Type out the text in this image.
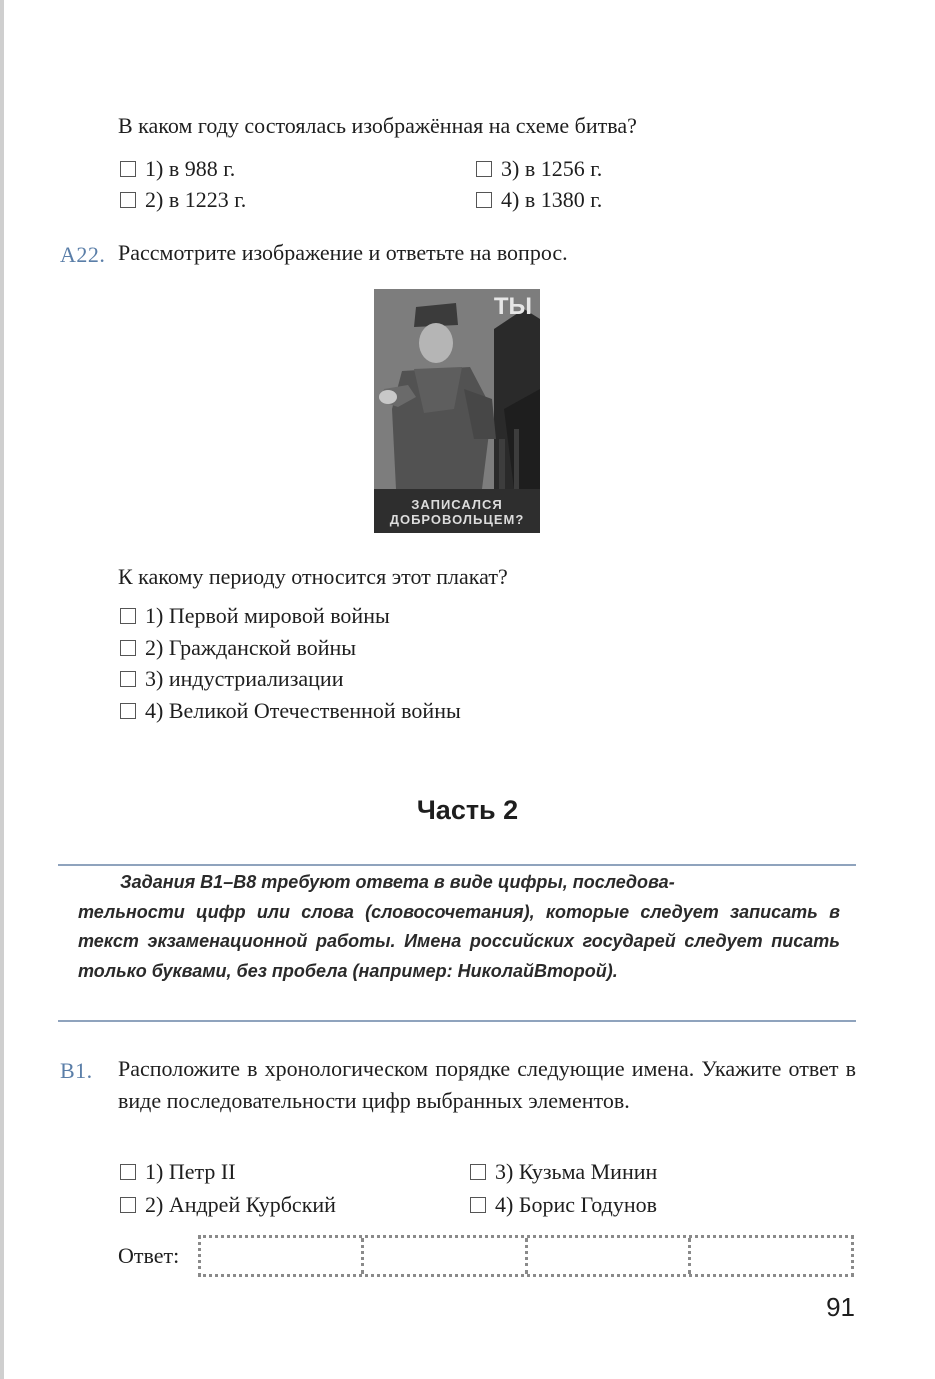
В каком году состоялась изображённая на схеме битва?
1) в 988 г.
2) в 1223 г.
3) в 1256 г.
4) в 1380 г.
А22. Рассмотрите изображение и ответьте на вопрос.
ТЫ
ЗАПИСАЛСЯ
ДОБРОВОЛЬЦЕМ?
К какому периоду относится этот плакат?
1) Первой мировой войны
2) Гражданской войны
3) индустриализации
4) Великой Отечественной войны
Часть 2
Задания В1–В8 требуют ответа в виде цифры, последова-
тельности цифр или слова (словосочетания), которые следует записать в текст экзаменационной работы. Имена российских государей следует писать только буквами, без пробела (например: НиколайВторой).
В1. Расположите в хронологическом порядке следующие имена. Укажите ответ в виде последовательности цифр выбранных элементов.
1) Петр II
2) Андрей Курбский
3) Кузьма Минин
4) Борис Годунов
Ответ:
91
